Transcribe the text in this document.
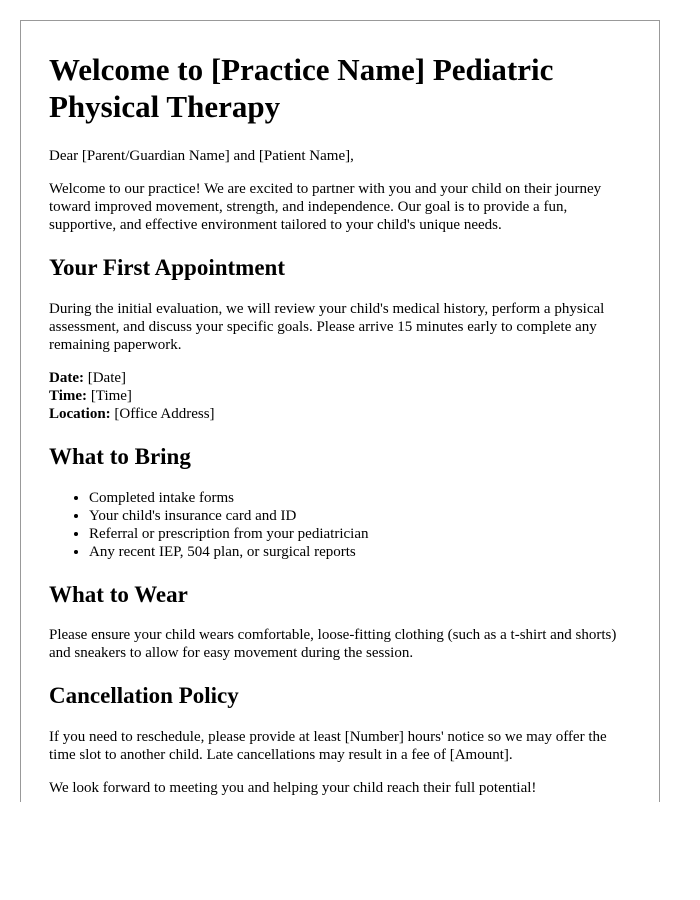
Welcome to [Practice Name] Pediatric Physical Therapy

Dear [Parent/Guardian Name] and [Patient Name],

Welcome to our practice! We are excited to partner with you and your child on their journey toward improved movement, strength, and independence. Our goal is to provide a fun, supportive, and effective environment tailored to your child's unique needs.

Your First Appointment

During the initial evaluation, we will review your child's medical history, perform a physical assessment, and discuss your specific goals. Please arrive 15 minutes early to complete any remaining paperwork.

Date: [Date]
Time: [Time]
Location: [Office Address]
What to Bring
• Completed intake forms
• Your child's insurance card and ID
• Referral or prescription from your pediatrician
• Any recent IEP, 504 plan, or surgical reports
What to Wear

Please ensure your child wears comfortable, loose-fitting clothing (such as a t-shirt and shorts) and sneakers to allow for easy movement during the session.

Cancellation Policy

If you need to reschedule, please provide at least [Number] hours' notice so we may offer the time slot to another child. Late cancellations may result in a fee of [Amount].

We look forward to meeting you and helping your child reach their full potential!
